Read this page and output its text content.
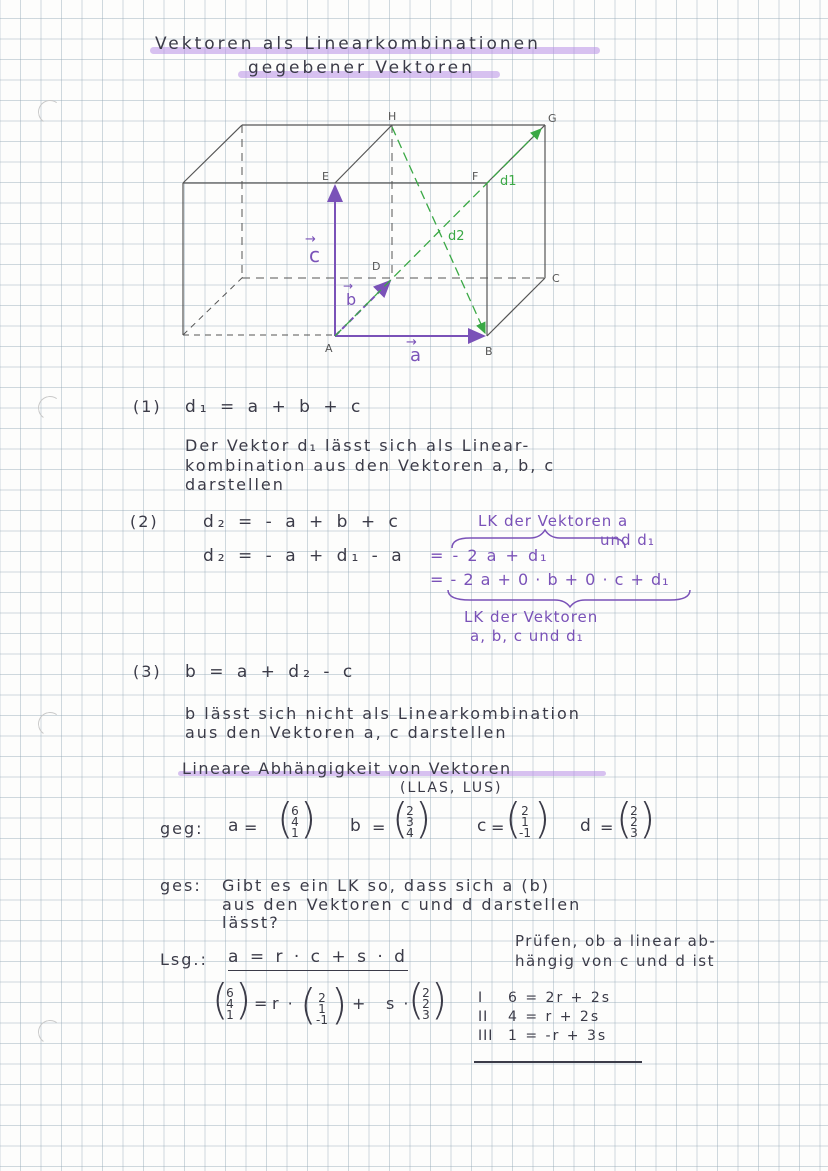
Vektoren als Linearkombinationen
gegebener Vektoren
A	B
C
D
E	F
G
H
c
→
a
→
b
→
d1
d2
(1) d₁ = a + b + c
Der Vektor d₁ lässt sich als Linear-
kombination aus den Vektoren a, b, c
darstellen
(2)	d₂ = - a + b + c
d₂ = - a + d₁ - a = - 2 a + d₁
= - 2 a + 0 · b + 0 · c + d₁
LK der Vektoren a
und d₁
LK der Vektoren
a, b, c und d₁
(3) b = a + d₂ - c
b lässt sich nicht als Linearkombination
aus den Vektoren a, c darstellen
Lineare Abhängigkeit von Vektoren
(LLAS, LUS)
geg: a = (
6
4
1 ) b = (
2
3
4 )	c =
( 2
1
-1 ) d = (
2
2
3 )
ges: Gibt es ein LK so, dass sich a (b)
aus den Vektoren c und d darstellen
lässt?
Lsg.: a = r · c + s · d
Prüfen, ob a linear ab-
hängig von c und d ist
(
6
4
1 ) = r · ( 2
1
-1 ) + s ·
(
2
2
3 ) I 6 = 2r + 2s
II 4 = r + 2s
III 1 = -r + 3s
